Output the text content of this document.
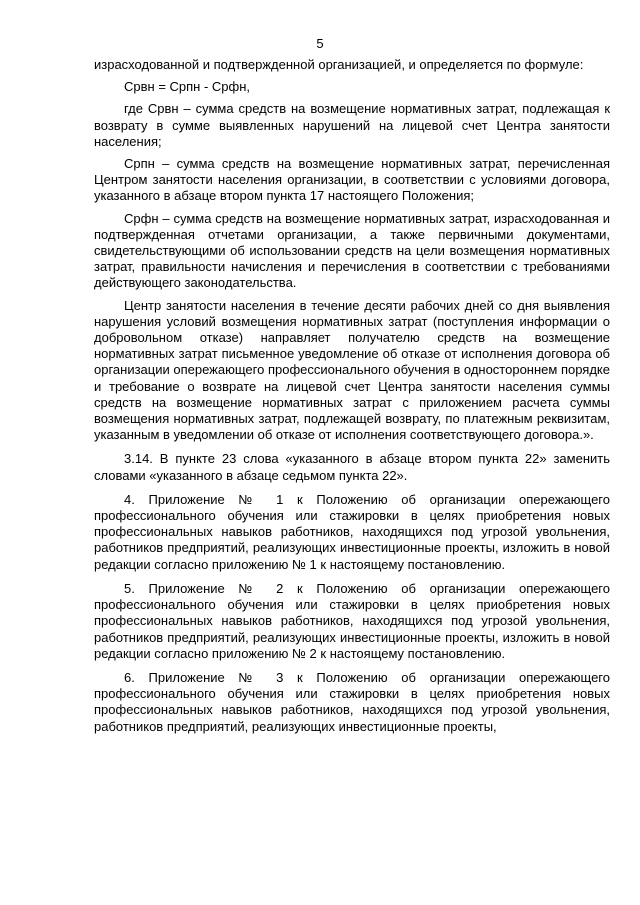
5

израсходованной и подтвержденной организацией, и определяется по формуле:

Срвн = Српн - Срфн,

где Срвн – сумма средств на возмещение нормативных затрат, подлежащая к возврату в сумме выявленных нарушений на лицевой счет Центра занятости населения;

Српн – сумма средств на возмещение нормативных затрат, перечисленная Центром занятости населения организации, в соответствии с условиями договора, указанного в абзаце втором пункта 17 настоящего Положения;

Срфн – сумма средств на возмещение нормативных затрат, израсходованная и подтвержденная отчетами организации, а также первичными документами, свидетельствующими об использовании средств на цели возмещения нормативных затрат, правильности начисления и перечисления в соответствии с требованиями действующего законодательства.

Центр занятости населения в течение десяти рабочих дней со дня выявления нарушения условий возмещения нормативных затрат (поступления информации о добровольном отказе) направляет получателю средств на возмещение нормативных затрат письменное уведомление об отказе от исполнения договора об организации опережающего профессионального обучения в одностороннем порядке и требование о возврате на лицевой счет Центра занятости населения суммы средств на возмещение нормативных затрат с приложением расчета суммы возмещения нормативных затрат, подлежащей возврату, по платежным реквизитам, указанным в уведомлении об отказе от исполнения соответствующего договора.».

3.14. В пункте 23 слова «указанного в абзаце втором пункта 22» заменить словами «указанного в абзаце седьмом пункта 22».

4. Приложение № 1 к Положению об организации опережающего профессионального обучения или стажировки в целях приобретения новых профессиональных навыков работников, находящихся под угрозой увольнения, работников предприятий, реализующих инвестиционные проекты, изложить в новой редакции согласно приложению № 1 к настоящему постановлению.

5. Приложение № 2 к Положению об организации опережающего профессионального обучения или стажировки в целях приобретения новых профессиональных навыков работников, находящихся под угрозой увольнения, работников предприятий, реализующих инвестиционные проекты, изложить в новой редакции согласно приложению № 2 к настоящему постановлению.

6. Приложение № 3 к Положению об организации опережающего профессионального обучения или стажировки в целях приобретения новых профессиональных навыков работников, находящихся под угрозой увольнения, работников предприятий, реализующих инвестиционные проекты,
